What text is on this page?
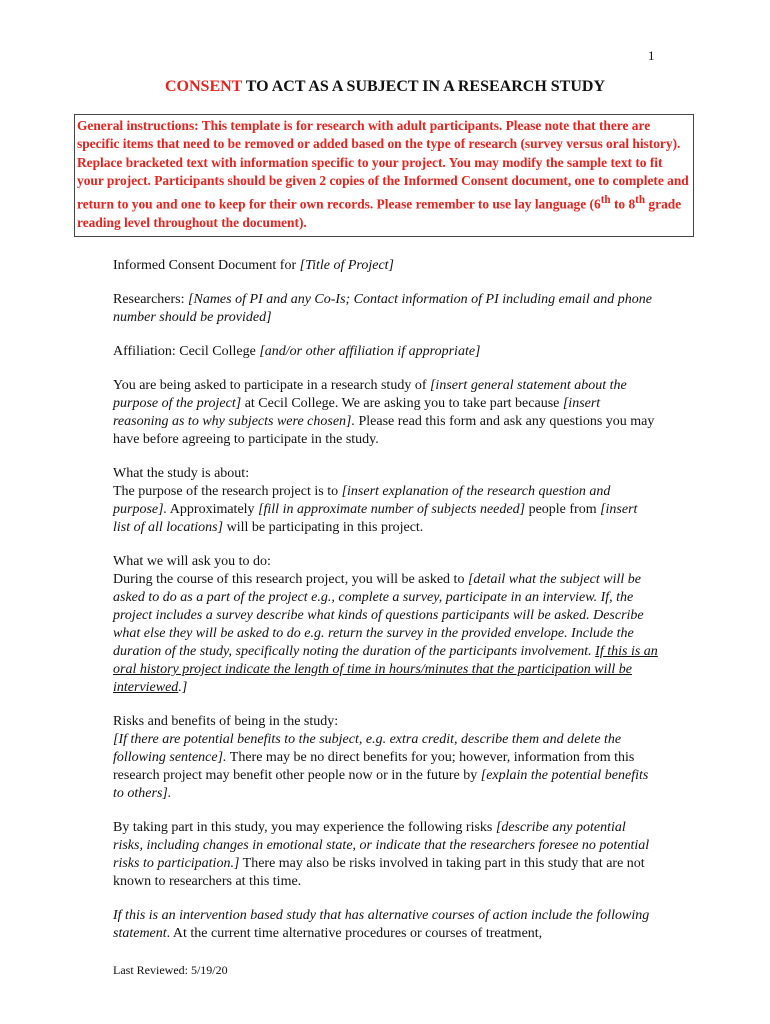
1
CONSENT TO ACT AS A SUBJECT IN A RESEARCH STUDY
General instructions: This template is for research with adult participants. Please note that there are specific items that need to be removed or added based on the type of research (survey versus oral history). Replace bracketed text with information specific to your project. You may modify the sample text to fit your project. Participants should be given 2 copies of the Informed Consent document, one to complete and return to you and one to keep for their own records. Please remember to use lay language (6th to 8th grade reading level throughout the document).

Informed Consent Document for [Title of Project]

Researchers: [Names of PI and any Co-Is; Contact information of PI including email and phone number should be provided]

Affiliation: Cecil College [and/or other affiliation if appropriate]

You are being asked to participate in a research study of [insert general statement about the purpose of the project] at Cecil College. We are asking you to take part because [insert reasoning as to why subjects were chosen]. Please read this form and ask any questions you may have before agreeing to participate in the study.

What the study is about:
The purpose of the research project is to [insert explanation of the research question and purpose]. Approximately [fill in approximate number of subjects needed] people from [insert list of all locations] will be participating in this project.

What we will ask you to do:
During the course of this research project, you will be asked to [detail what the subject will be asked to do as a part of the project e.g., complete a survey, participate in an interview. If, the project includes a survey describe what kinds of questions participants will be asked. Describe what else they will be asked to do e.g. return the survey in the provided envelope. Include the duration of the study, specifically noting the duration of the participants involvement. If this is an oral history project indicate the length of time in hours/minutes that the participation will be interviewed.]

Risks and benefits of being in the study:
[If there are potential benefits to the subject, e.g. extra credit, describe them and delete the following sentence]. There may be no direct benefits for you; however, information from this research project may benefit other people now or in the future by [explain the potential benefits to others].

By taking part in this study, you may experience the following risks [describe any potential risks, including changes in emotional state, or indicate that the researchers foresee no potential risks to participation.] There may also be risks involved in taking part in this study that are not known to researchers at this time.

If this is an intervention based study that has alternative courses of action include the following statement. At the current time alternative procedures or courses of treatment,

Last Reviewed: 5/19/20
